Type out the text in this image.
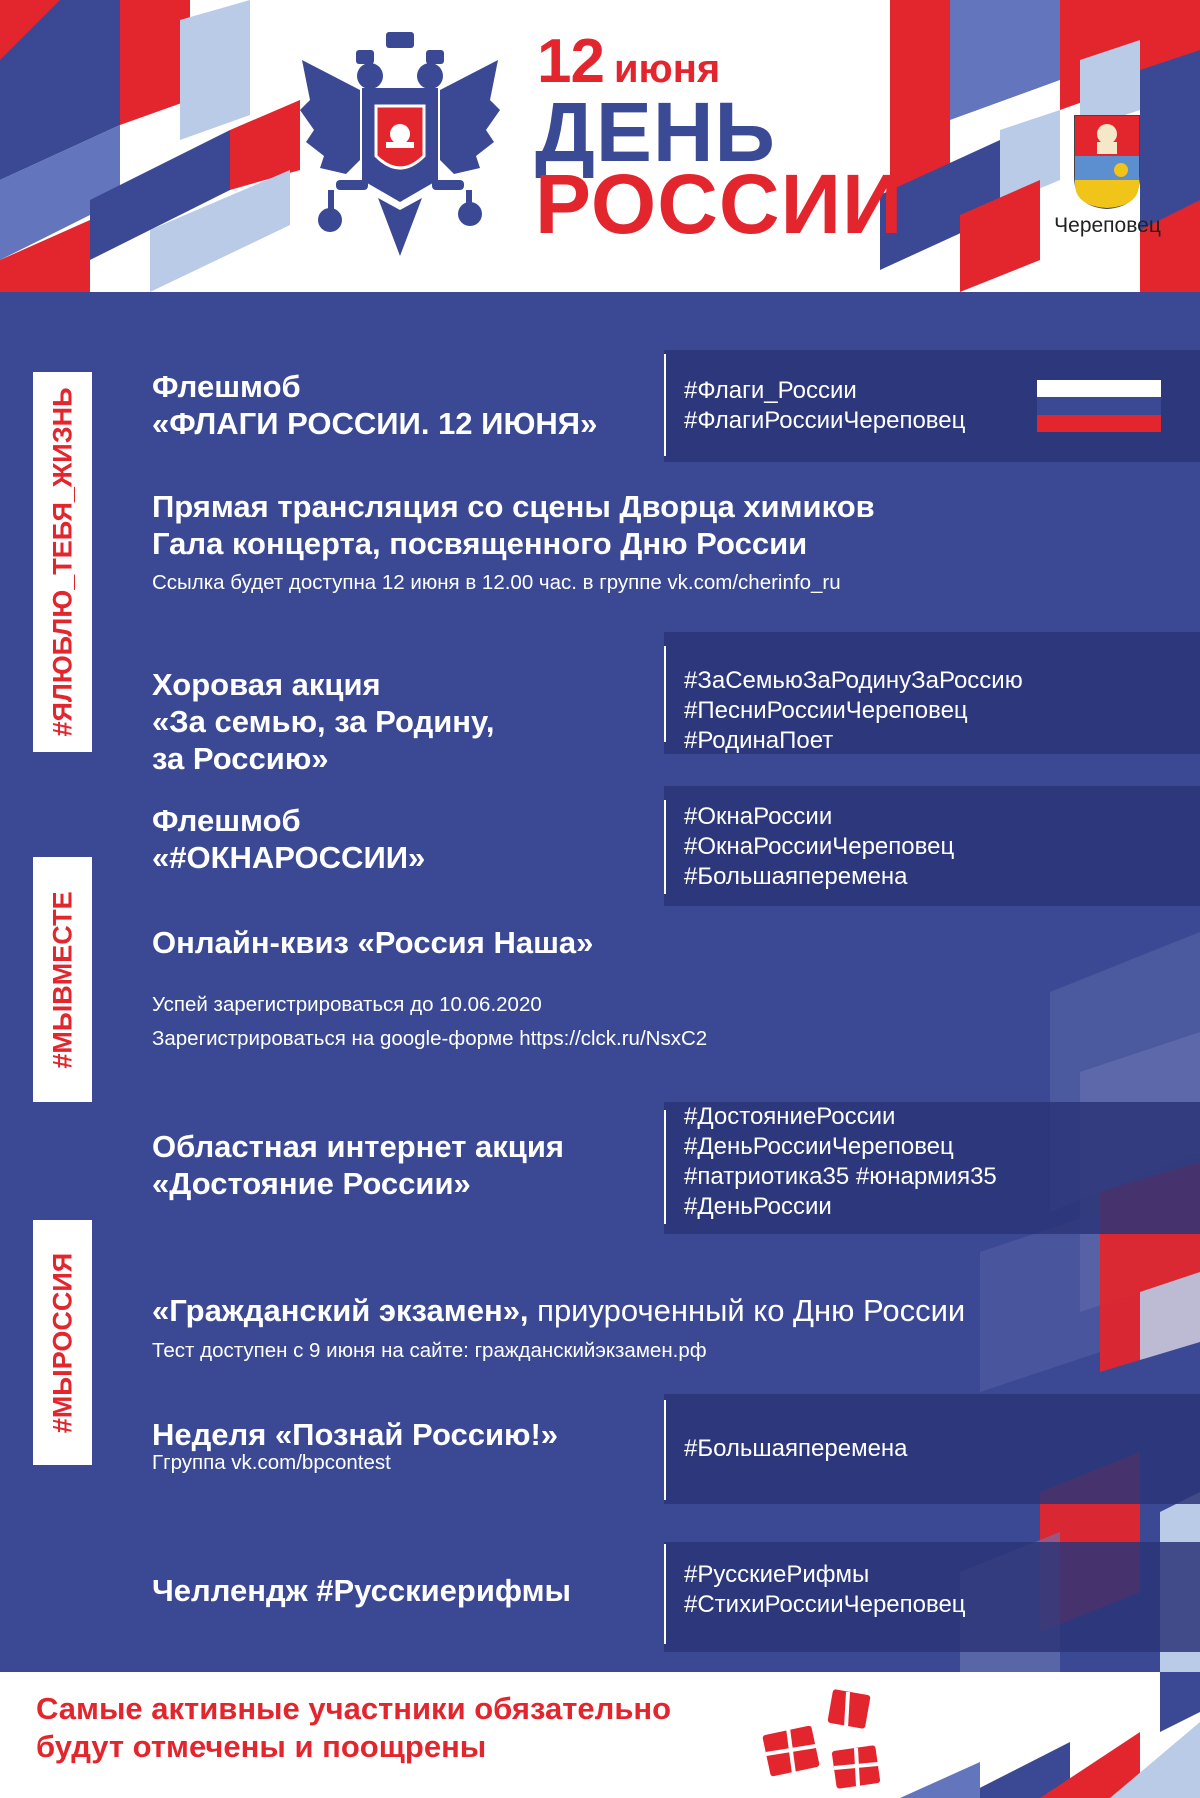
12 июня
ДЕНЬ
РОССИИ	Череповец
#ЯЛЮБЛЮ_ТЕБЯ_ЖИЗНЬ
#МЫВМЕСТЕ
#МЫРОССИЯ
Флешмоб
«ФЛАГИ РОССИИ. 12 ИЮНЯ»
#Флаги_России
#ФлагиРоссииЧереповец
Прямая трансляция со сцены Дворца химиков
Гала концерта, посвященного Дню России
Ссылка будет доступна 12 июня в 12.00 час. в группе vk.com/cherinfo_ru
Хоровая акция
«За семью, за Родину,
за Россию»
#ЗаСемьюЗаРодинуЗаРоссию
#ПесниРоссииЧереповец
#РодинаПоет
Флешмоб
«#ОКНАРОССИИ»
#ОкнаРоссии
#ОкнаРоссииЧереповец
#Большаяперемена
Онлайн-квиз «Россия Наша»
Успей зарегистрироваться до 10.06.2020
Зарегистрироваться на google-форме https://clck.ru/NsxC2
Областная интернет акция
«Достояние России»
#ДостояниеРоссии
#ДеньРоссииЧереповец
#патриотика35 #юнармия35
#ДеньРоссии
«Гражданский экзамен», приуроченный ко Дню России
Тест доступен с 9 июня на сайте: гражданскийэкзамен.рф
Неделя «Познай Россию!»
Ггруппа vk.com/bpcontest
#Большаяперемена
Челлендж #Русскиерифмы	#РусскиеРифмы
#СтихиРоссииЧереповец
Самые активные участники обязательно
будут отмечены и поощрены
